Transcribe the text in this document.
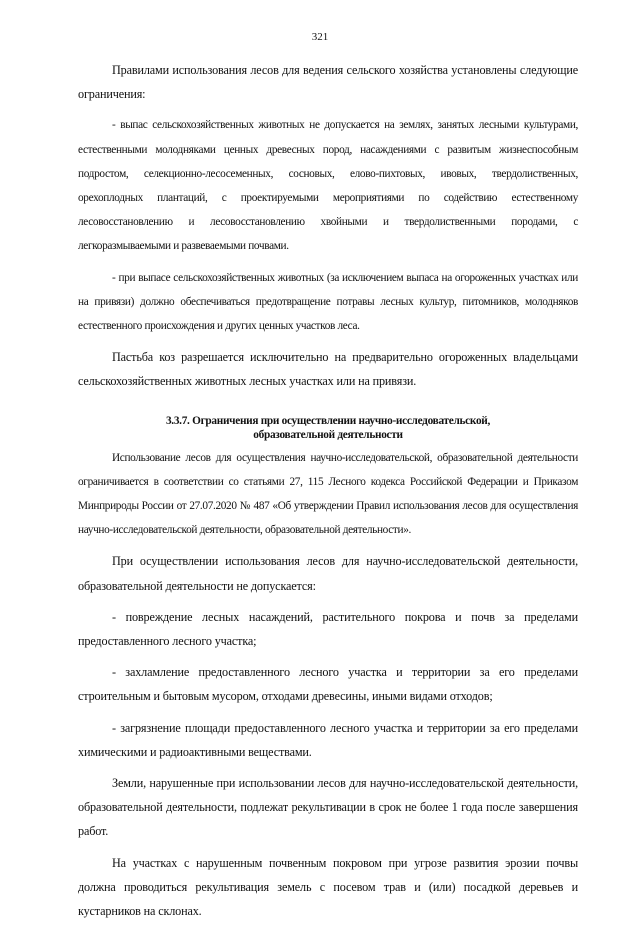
321

Правилами использования лесов для ведения сельского хозяйства установлены следующие ограничения:

- выпас сельскохозяйственных животных не допускается на землях, занятых лесными культурами, естественными молодняками ценных древесных пород, насаждениями с развитым жизнеспособным подростом, селекционно-лесосеменных, сосновых, елово-пихтовых, ивовых, твердолиственных, орехоплодных плантаций, с проектируемыми мероприятиями по содействию естественному лесовосстановлению и лесовосстановлению хвойными и твердолиственными породами, с легкоразмываемыми и развеваемыми почвами.

- при выпасе сельскохозяйственных животных (за исключением выпаса на огороженных участках или на привязи) должно обеспечиваться предотвращение потравы лесных культур, питомников, молодняков естественного происхождения и других ценных участков леса.

Пастьба коз разрешается исключительно на предварительно огороженных владельцами сельскохозяйственных животных лесных участках или на привязи.

3.3.7. Ограничения при осуществлении научно-исследовательской,
образовательной деятельности

Использование лесов для осуществления научно-исследовательской, образовательной деятельности ограничивается в соответствии со статьями 27, 115 Лесного кодекса Российской Федерации и Приказом Минприроды России от 27.07.2020 № 487 «Об утверждении Правил использования лесов для осуществления научно-исследовательской деятельности, образовательной деятельности».

При осуществлении использования лесов для научно-исследовательской деятельности, образовательной деятельности не допускается:

- повреждение лесных насаждений, растительного покрова и почв за пределами предоставленного лесного участка;

- захламление предоставленного лесного участка и территории за его пределами строительным и бытовым мусором, отходами древесины, иными видами отходов;

- загрязнение площади предоставленного лесного участка и территории за его пределами химическими и радиоактивными веществами.

Земли, нарушенные при использовании лесов для научно-исследовательской деятельности, образовательной деятельности, подлежат рекультивации в срок не более 1 года после завершения работ.

На участках с нарушенным почвенным покровом при угрозе развития эрозии почвы должна проводиться рекультивация земель с посевом трав и (или) посадкой деревьев и кустарников на склонах.
